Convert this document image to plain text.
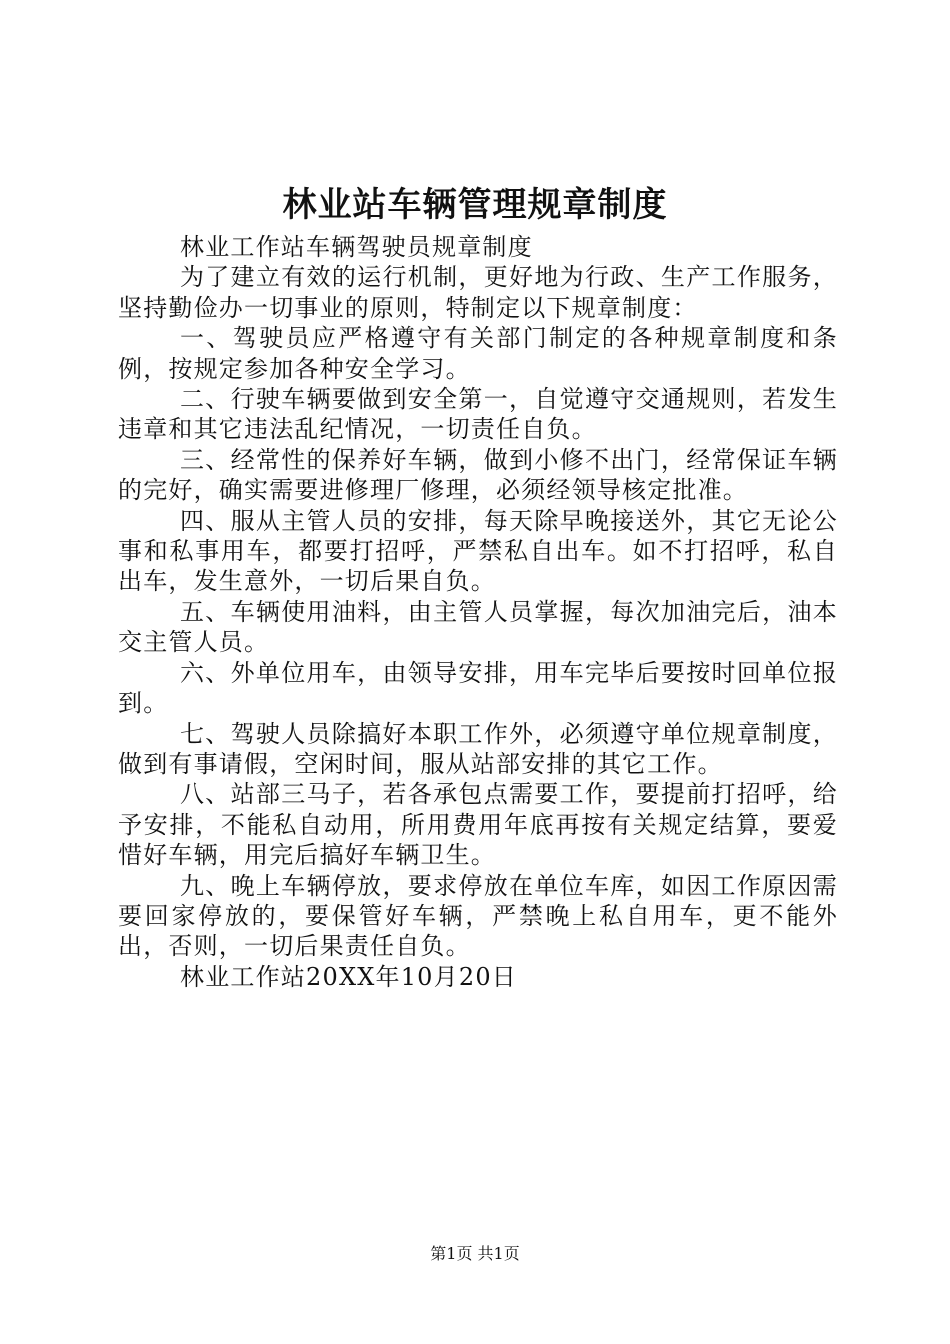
林业站车辆管理规章制度

林业工作站车辆驾驶员规章制度

为了建立有效的运行机制，更好地为行政、生产工作服务，坚持勤俭办一切事业的原则，特制定以下规章制度：

一、驾驶员应严格遵守有关部门制定的各种规章制度和条例，按规定参加各种安全学习。

二、行驶车辆要做到安全第一，自觉遵守交通规则，若发生违章和其它违法乱纪情况，一切责任自负。

三、经常性的保养好车辆，做到小修不出门，经常保证车辆的完好，确实需要进修理厂修理，必须经领导核定批准。

四、服从主管人员的安排，每天除早晚接送外，其它无论公事和私事用车，都要打招呼，严禁私自出车。如不打招呼，私自出车，发生意外，一切后果自负。

五、车辆使用油料，由主管人员掌握，每次加油完后，油本交主管人员。

六、外单位用车，由领导安排，用车完毕后要按时回单位报到。

七、驾驶人员除搞好本职工作外，必须遵守单位规章制度，做到有事请假，空闲时间，服从站部安排的其它工作。

八、站部三马子，若各承包点需要工作，要提前打招呼，给予安排，不能私自动用，所用费用年底再按有关规定结算，要爱惜好车辆，用完后搞好车辆卫生。

九、晚上车辆停放，要求停放在单位车库，如因工作原因需要回家停放的，要保管好车辆，严禁晚上私自用车，更不能外出，否则，一切后果责任自负。

林业工作站20XX年10月20日

第1页 共1页
